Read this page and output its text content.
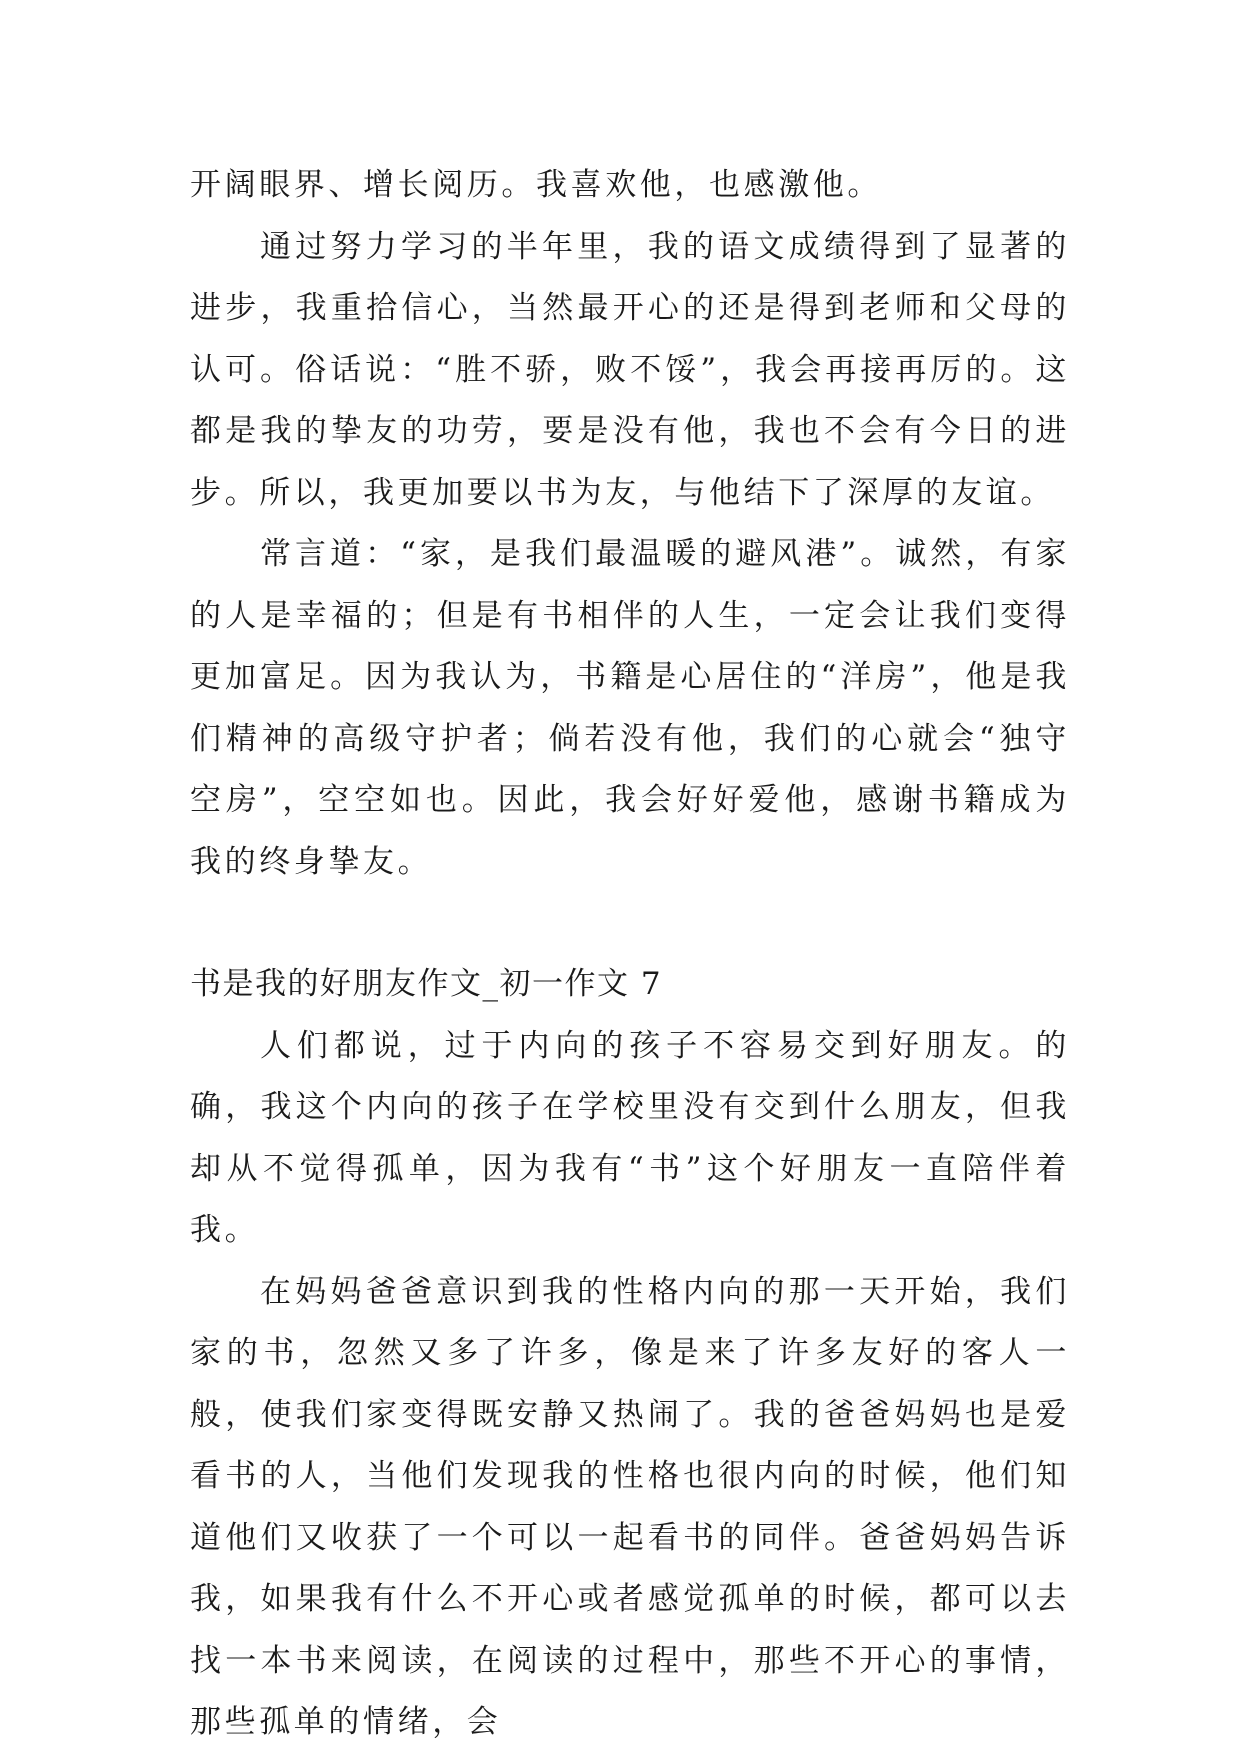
开阔眼界、增长阅历。我喜欢他，也感激他。

通过努力学习的半年里，我的语文成绩得到了显著的进步，我重拾信心，当然最开心的还是得到老师和父母的认可。俗话说：“胜不骄，败不馁”，我会再接再厉的。这都是我的挚友的功劳，要是没有他，我也不会有今日的进步。所以，我更加要以书为友，与他结下了深厚的友谊。

常言道：“家，是我们最温暖的避风港”。诚然，有家的人是幸福的；但是有书相伴的人生，一定会让我们变得更加富足。因为我认为，书籍是心居住的“洋房”，他是我们精神的高级守护者；倘若没有他，我们的心就会“独守空房”，空空如也。因此，我会好好爱他，感谢书籍成为我的终身挚友。

书是我的好朋友作文_初一作文 7

人们都说，过于内向的孩子不容易交到好朋友。的确，我这个内向的孩子在学校里没有交到什么朋友，但我却从不觉得孤单，因为我有“书”这个好朋友一直陪伴着我。

在妈妈爸爸意识到我的性格内向的那一天开始，我们家的书，忽然又多了许多，像是来了许多友好的客人一般，使我们家变得既安静又热闹了。我的爸爸妈妈也是爱看书的人，当他们发现我的性格也很内向的时候，他们知道他们又收获了一个可以一起看书的同伴。爸爸妈妈告诉我，如果我有什么不开心或者感觉孤单的时候，都可以去找一本书来阅读，在阅读的过程中，那些不开心的事情，那些孤单的情绪，会
